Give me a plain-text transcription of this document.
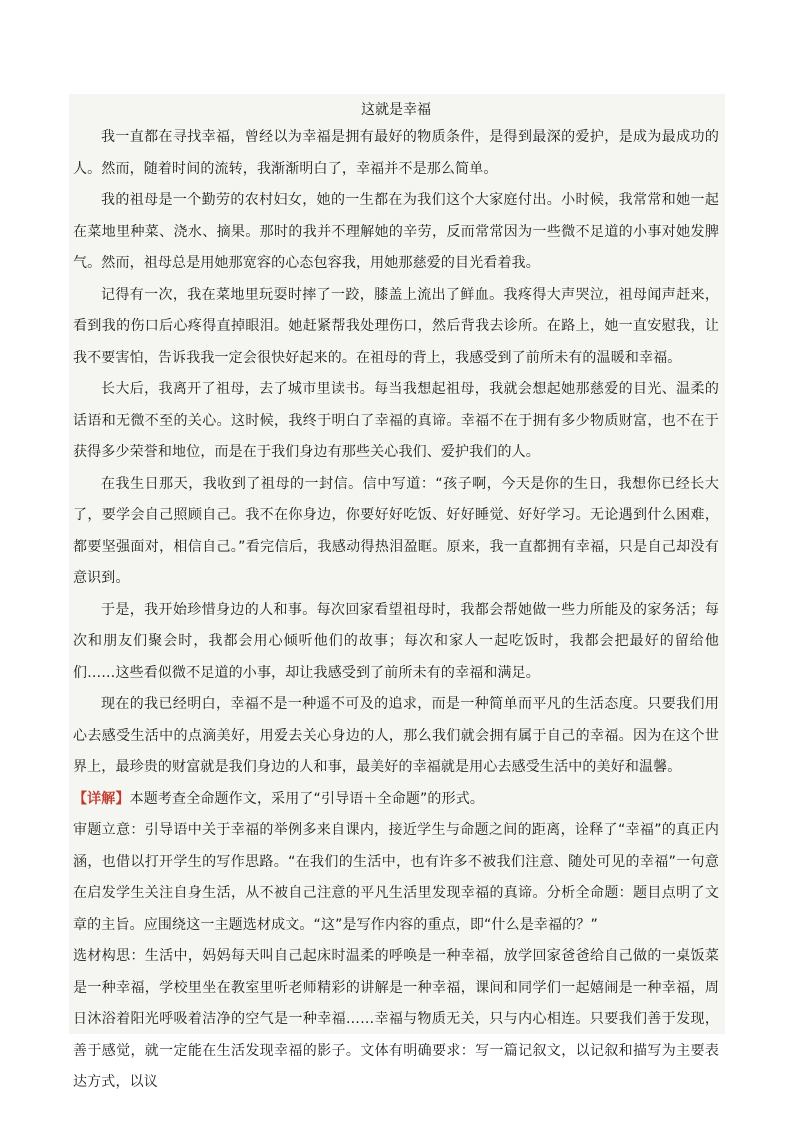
这就是幸福

我一直都在寻找幸福，曾经以为幸福是拥有最好的物质条件，是得到最深的爱护，是成为最成功的人。然而，随着时间的流转，我渐渐明白了，幸福并不是那么简单。

我的祖母是一个勤劳的农村妇女，她的一生都在为我们这个大家庭付出。小时候，我常常和她一起在菜地里种菜、浇水、摘果。那时的我并不理解她的辛劳，反而常常因为一些微不足道的小事对她发脾气。然而，祖母总是用她那宽容的心态包容我，用她那慈爱的目光看着我。

记得有一次，我在菜地里玩耍时摔了一跤，膝盖上流出了鲜血。我疼得大声哭泣，祖母闻声赶来，看到我的伤口后心疼得直掉眼泪。她赶紧帮我处理伤口，然后背我去诊所。在路上，她一直安慰我，让我不要害怕，告诉我我一定会很快好起来的。在祖母的背上，我感受到了前所未有的温暖和幸福。

长大后，我离开了祖母，去了城市里读书。每当我想起祖母，我就会想起她那慈爱的目光、温柔的话语和无微不至的关心。这时候，我终于明白了幸福的真谛。幸福不在于拥有多少物质财富，也不在于获得多少荣誉和地位，而是在于我们身边有那些关心我们、爱护我们的人。

在我生日那天，我收到了祖母的一封信。信中写道：“孩子啊，今天是你的生日，我想你已经长大了，要学会自己照顾自己。我不在你身边，你要好好吃饭、好好睡觉、好好学习。无论遇到什么困难，都要坚强面对，相信自己。”看完信后，我感动得热泪盈眶。原来，我一直都拥有幸福，只是自己却没有意识到。

于是，我开始珍惜身边的人和事。每次回家看望祖母时，我都会帮她做一些力所能及的家务活；每次和朋友们聚会时，我都会用心倾听他们的故事；每次和家人一起吃饭时，我都会把最好的留给他们……这些看似微不足道的小事，却让我感受到了前所未有的幸福和满足。

现在的我已经明白，幸福不是一种遥不可及的追求，而是一种简单而平凡的生活态度。只要我们用心去感受生活中的点滴美好，用爱去关心身边的人，那么我们就会拥有属于自己的幸福。因为在这个世界上，最珍贵的财富就是我们身边的人和事，最美好的幸福就是用心去感受生活中的美好和温馨。

【详解】本题考查全命题作文，采用了“引导语＋全命题”的形式。

审题立意：引导语中关于幸福的举例多来自课内，接近学生与命题之间的距离，诠释了“幸福”的真正内涵，也借以打开学生的写作思路。“在我们的生活中，也有许多不被我们注意、随处可见的幸福”一句意在启发学生关注自身生活，从不被自己注意的平凡生活里发现幸福的真谛。分析全命题：题目点明了文章的主旨。应围绕这一主题选材成文。“这”是写作内容的重点，即“什么是幸福的？”

选材构思：生活中，妈妈每天叫自己起床时温柔的呼唤是一种幸福，放学回家爸爸给自己做的一桌饭菜是一种幸福，学校里坐在教室里听老师精彩的讲解是一种幸福，课间和同学们一起嬉闹是一种幸福，周日沐浴着阳光呼吸着洁净的空气是一种幸福……幸福与物质无关，只与内心相连。只要我们善于发现，善于感觉，就一定能在生活发现幸福的影子。文体有明确要求：写一篇记叙文，以记叙和描写为主要表达方式，以议
